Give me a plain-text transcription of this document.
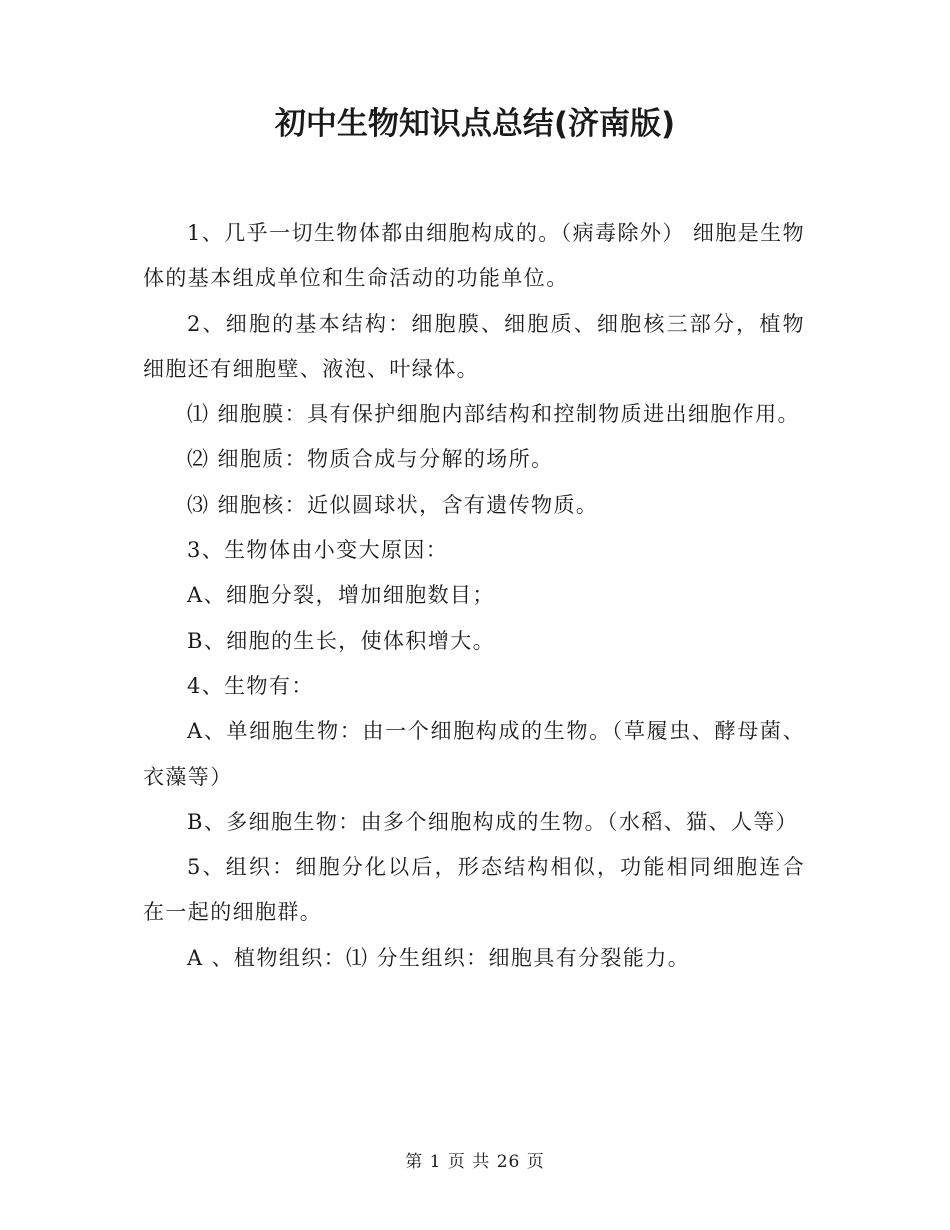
初中生物知识点总结(济南版)

1、几乎一切生物体都由细胞构成的。（病毒除外） 细胞是生物体的基本组成单位和生命活动的功能单位。

2、细胞的基本结构：细胞膜、细胞质、细胞核三部分，植物细胞还有细胞壁、液泡、叶绿体。

⑴ 细胞膜：具有保护细胞内部结构和控制物质进出细胞作用。

⑵ 细胞质：物质合成与分解的场所。

⑶ 细胞核：近似圆球状，含有遗传物质。

3、生物体由小变大原因：

A、细胞分裂，增加细胞数目；

B、细胞的生长，使体积增大。

4、生物有：

A、单细胞生物：由一个细胞构成的生物。（草履虫、酵母菌、衣藻等）

B、多细胞生物：由多个细胞构成的生物。（水稻、猫、人等）

5、组织：细胞分化以后，形态结构相似，功能相同细胞连合在一起的细胞群。

A 、植物组织：⑴ 分生组织：细胞具有分裂能力。

第 1 页 共 26 页
